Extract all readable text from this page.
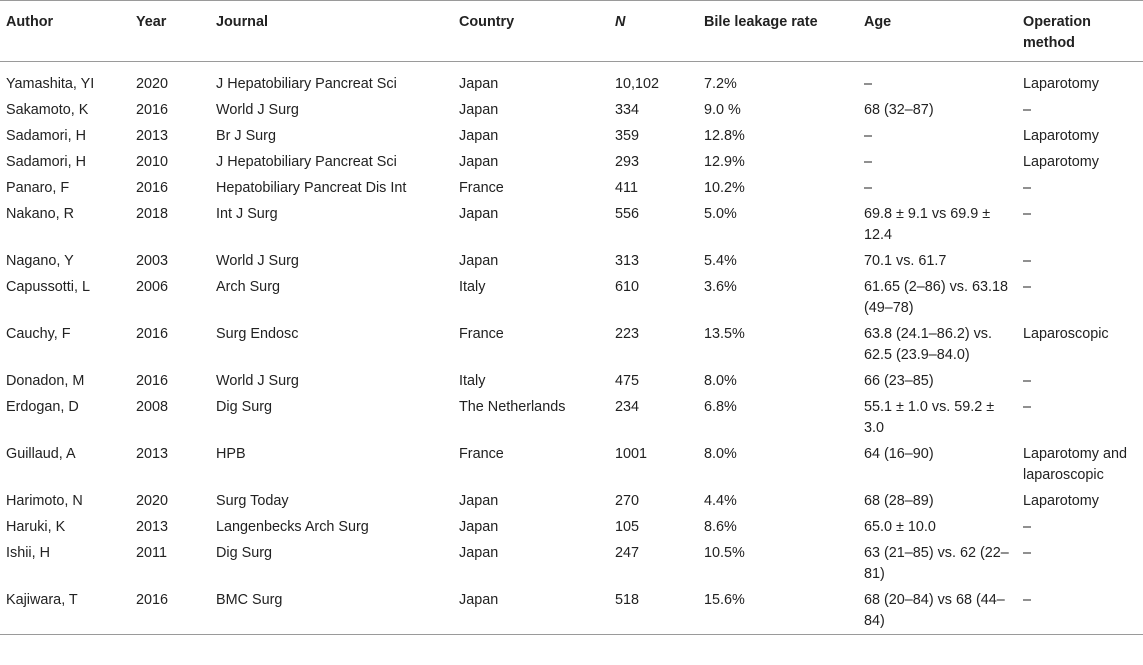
Author	Year	Journal	Country	N	Bile leakage rate	Age	Operation method
Yamashita, YI	2020	J Hepatobiliary Pancreat Sci	Japan	10,102	7.2%	–	Laparotomy
Sakamoto, K	2016	World J Surg	Japan	334	9.0 %	68 (32–87)	–
Sadamori, H	2013	Br J Surg	Japan	359	12.8%	–	Laparotomy
Sadamori, H	2010	J Hepatobiliary Pancreat Sci	Japan	293	12.9%	–	Laparotomy
Panaro, F	2016	Hepatobiliary Pancreat Dis Int	France	411	10.2%	–	–
Nakano, R	2018	Int J Surg	Japan	556	5.0%	69.8 ± 9.1 vs 69.9 ± 12.4	–
Nagano, Y	2003	World J Surg	Japan	313	5.4%	70.1 vs. 61.7	–
Capussotti, L	2006	Arch Surg	Italy	610	3.6%	61.65 (2–86) vs. 63.18 (49–78)	–
Cauchy, F	2016	Surg Endosc	France	223	13.5%	63.8 (24.1–86.2) vs. 62.5 (23.9–84.0)	Laparoscopic
Donadon, M	2016	World J Surg	Italy	475	8.0%	66 (23–85)	–
Erdogan, D	2008	Dig Surg	The Netherlands	234	6.8%	55.1 ± 1.0 vs. 59.2 ± 3.0	–
Guillaud, A	2013	HPB	France	1001	8.0%	64 (16–90)	Laparotomy and laparoscopic
Harimoto, N	2020	Surg Today	Japan	270	4.4%	68 (28–89)	Laparotomy
Haruki, K	2013	Langenbecks Arch Surg	Japan	105	8.6%	65.0 ± 10.0	–
Ishii, H	2011	Dig Surg	Japan	247	10.5%	63 (21–85) vs. 62 (22–81)	–
Kajiwara, T	2016	BMC Surg	Japan	518	15.6%	68 (20–84) vs 68 (44–84)	–
